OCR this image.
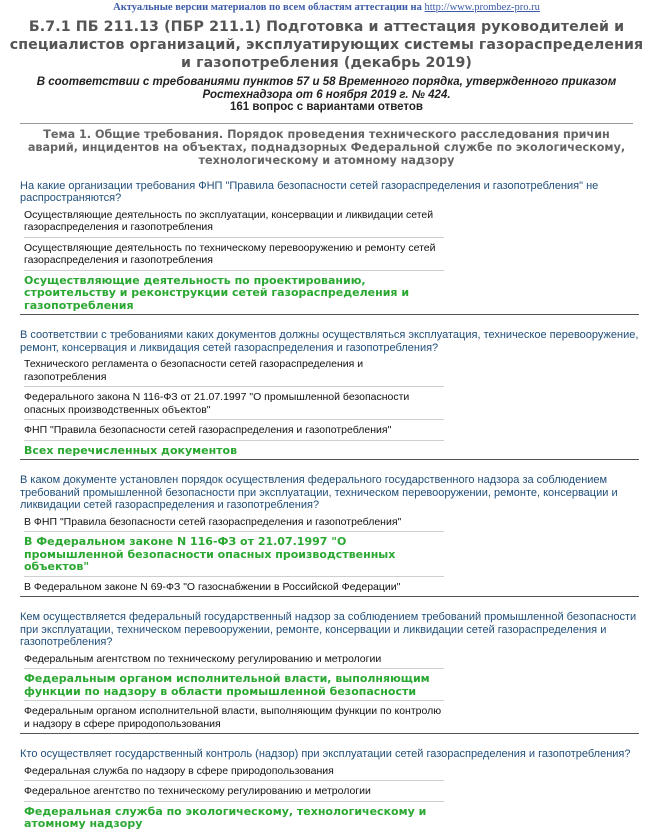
Актуальные версии материалов по всем областям аттестации на http://www.prombez-pro.ru
Б.7.1 ПБ 211.13 (ПБР 211.1) Подготовка и аттестация руководителей и специалистов организаций, эксплуатирующих системы газораспределения и газопотребления (декабрь 2019)
В соответствии с требованиями пунктов 57 и 58 Временного порядка, утвержденного приказом
Ростехнадзора от 6 ноября 2019 г. № 424.
161 вопрос с вариантами ответов
Тема 1. Общие требования. Порядок проведения технического расследования причин аварий, инцидентов на объектах, поднадзорных Федеральной службе по экологическому, технологическому и атомному надзору
На какие организации требования ФНП "Правила безопасности сетей газораспределения и газопотребления" не распространяются?
Осуществляющие деятельность по эксплуатации, консервации и ликвидации сетей газораспределения и газопотребления
Осуществляющие деятельность по техническому перевооружению и ремонту сетей газораспределения и газопотребления
Осуществляющие деятельность по проектированию, строительству и реконструкции сетей газораспределения и газопотребления
В соответствии с требованиями каких документов должны осуществляться эксплуатация, техническое перевооружение, ремонт, консервация и ликвидация сетей газораспределения и газопотребления?
Технического регламента о безопасности сетей газораспределения и газопотребления
Федерального закона N 116-ФЗ от 21.07.1997 "О промышленной безопасности опасных производственных объектов"
ФНП "Правила безопасности сетей газораспределения и газопотребления"
Всех перечисленных документов
В каком документе установлен порядок осуществления федерального государственного надзора за соблюдением требований промышленной безопасности при эксплуатации, техническом перевооружении, ремонте, консервации и ликвидации сетей газораспределения и газопотребления?
В ФНП "Правила безопасности сетей газораспределения и газопотребления"
В Федеральном законе N 116-ФЗ от 21.07.1997 "О промышленной безопасности опасных производственных объектов"
В Федеральном законе N 69-ФЗ "О газоснабжении в Российской Федерации"
Кем осуществляется федеральный государственный надзор за соблюдением требований промышленной безопасности при эксплуатации, техническом перевооружении, ремонте, консервации и ликвидации сетей газораспределения и газопотребления?
Федеральным агентством по техническому регулированию и метрологии
Федеральным органом исполнительной власти, выполняющим функции по надзору в области промышленной безопасности
Федеральным органом исполнительной власти, выполняющим функции по контролю и надзору в сфере природопользования
Кто осуществляет государственный контроль (надзор) при эксплуатации сетей газораспределения и газопотребления?
Федеральная служба по надзору в сфере природопользования
Федеральное агентство по техническому регулированию и метрологии
Федеральная служба по экологическому, технологическому и атомному надзору
